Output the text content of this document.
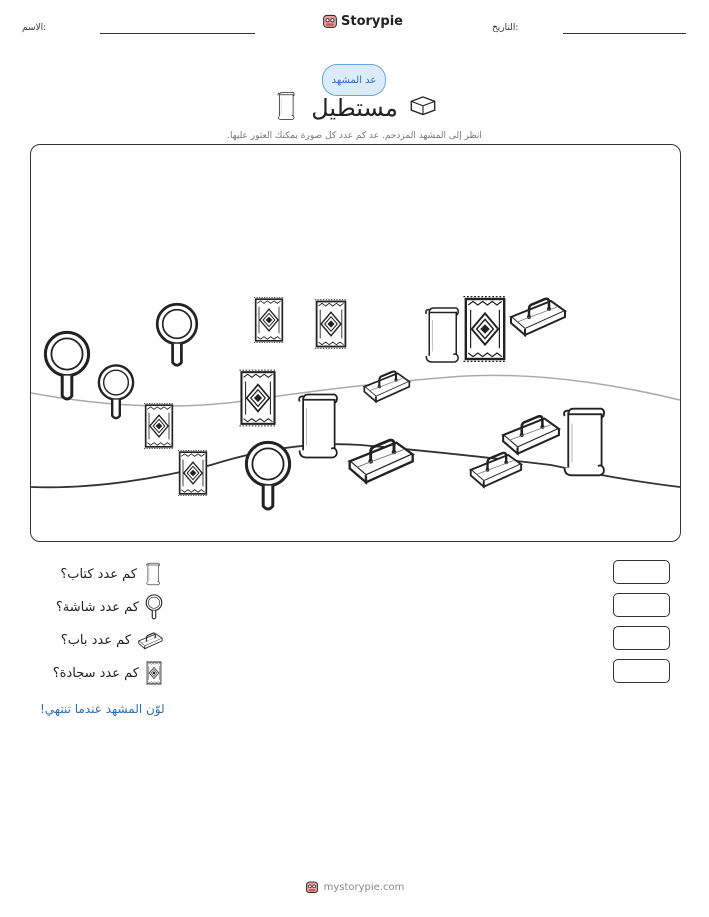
الاسم:	Storypie	التاريخ:
عد المشهد
مستطيل
انظر إلى المشهد المزدحم. عد كم عدد كل صورة يمكنك العثور عليها.
كم عدد كتاب؟
كم عدد شاشة؟
كم عدد باب؟
كم عدد سجادة؟
لوّن المشهد عندما تنتهي!
mystorypie.com
